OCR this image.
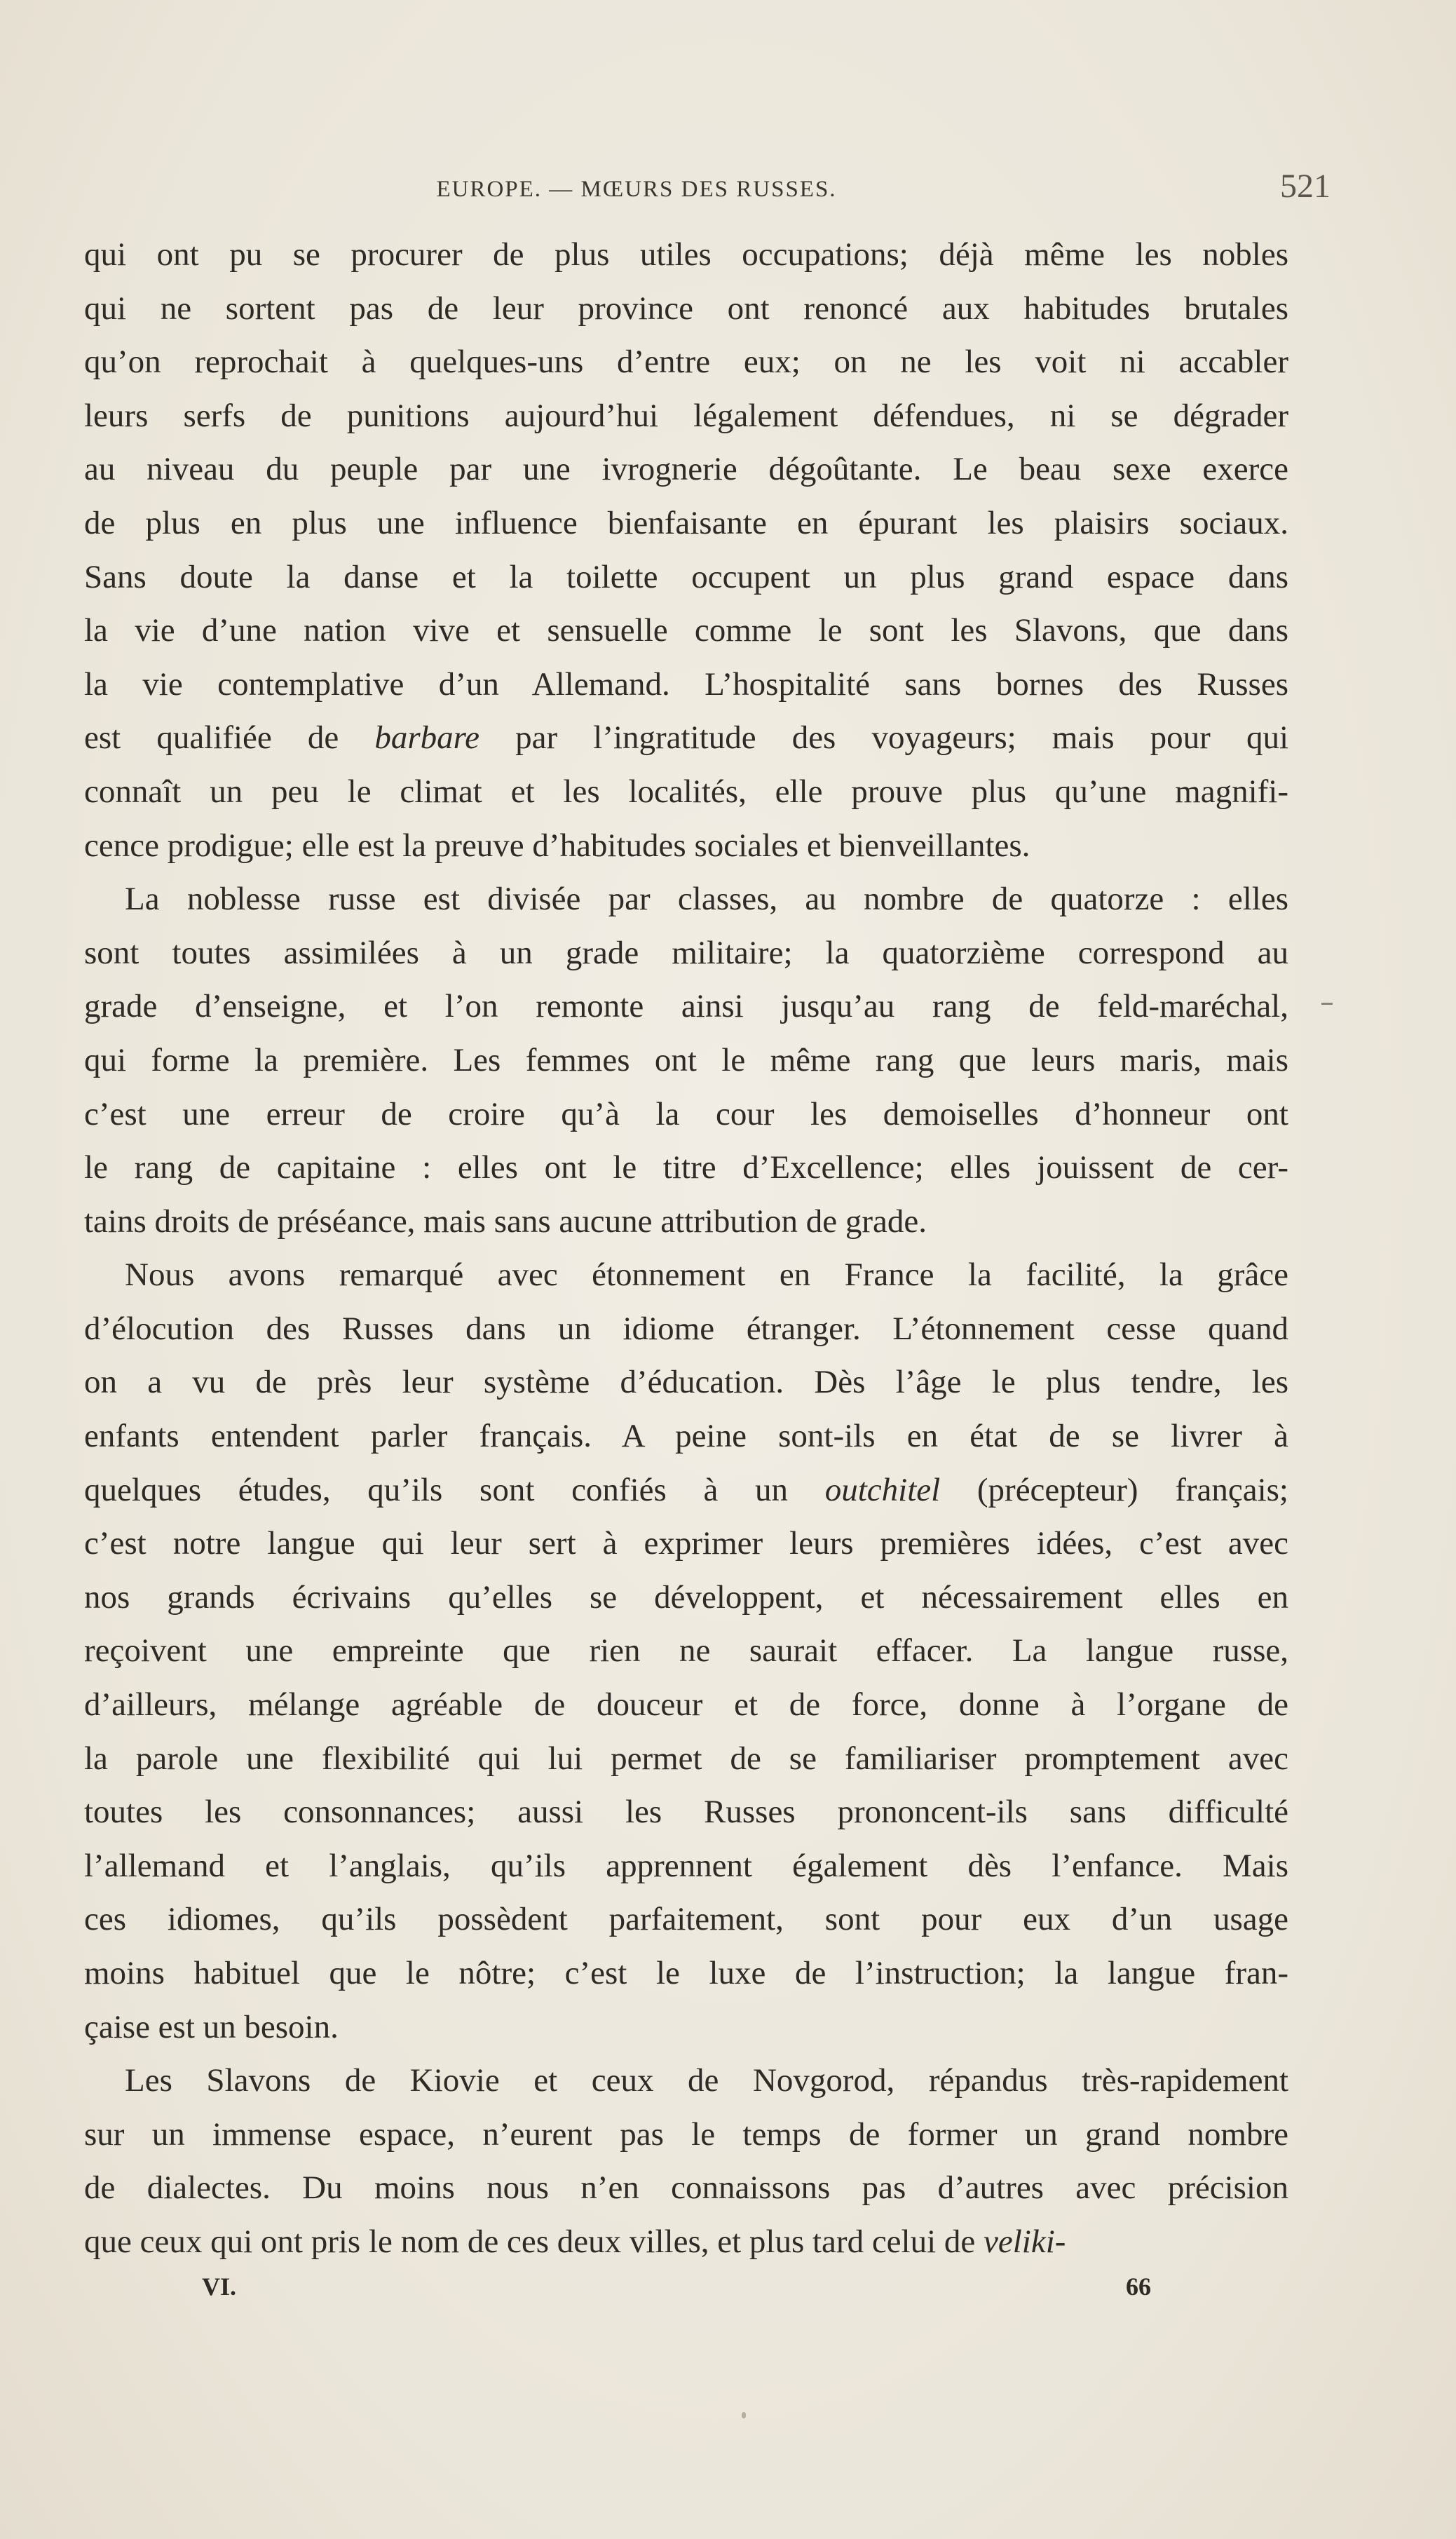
EUROPE. — MŒURS DES RUSSES.	521
qui ont pu se procurer de plus utiles occupations; déjà même les nobles
qui ne sortent pas de leur province ont renoncé aux habitudes brutales
qu’on reprochait à quelques-uns d’entre eux; on ne les voit ni accabler
leurs serfs de punitions aujourd’hui légalement défendues, ni se dégrader
au niveau du peuple par une ivrognerie dégoûtante. Le beau sexe exerce
de plus en plus une influence bienfaisante en épurant les plaisirs sociaux.
Sans doute la danse et la toilette occupent un plus grand espace dans
la vie d’une nation vive et sensuelle comme le sont les Slavons, que dans
la vie contemplative d’un Allemand. L’hospitalité sans bornes des Russes
est qualifiée de barbare par l’ingratitude des voyageurs; mais pour qui
connaît un peu le climat et les localités, elle prouve plus qu’une magnifi-
cence prodigue; elle est la preuve d’habitudes sociales et bienveillantes.
La noblesse russe est divisée par classes, au nombre de quatorze : elles
sont toutes assimilées à un grade militaire; la quatorzième correspond au
grade d’enseigne, et l’on remonte ainsi jusqu’au rang de feld-maréchal,
qui forme la première. Les femmes ont le même rang que leurs maris, mais
c’est une erreur de croire qu’à la cour les demoiselles d’honneur ont
le rang de capitaine : elles ont le titre d’Excellence; elles jouissent de cer-
tains droits de préséance, mais sans aucune attribution de grade.
Nous avons remarqué avec étonnement en France la facilité, la grâce
d’élocution des Russes dans un idiome étranger. L’étonnement cesse quand
on a vu de près leur système d’éducation. Dès l’âge le plus tendre, les
enfants entendent parler français. A peine sont-ils en état de se livrer à
quelques études, qu’ils sont confiés à un outchitel (précepteur) français;
c’est notre langue qui leur sert à exprimer leurs premières idées, c’est avec
nos grands écrivains qu’elles se développent, et nécessairement elles en
reçoivent une empreinte que rien ne saurait effacer. La langue russe,
d’ailleurs, mélange agréable de douceur et de force, donne à l’organe de
la parole une flexibilité qui lui permet de se familiariser promptement avec
toutes les consonnances; aussi les Russes prononcent-ils sans difficulté
l’allemand et l’anglais, qu’ils apprennent également dès l’enfance. Mais
ces idiomes, qu’ils possèdent parfaitement, sont pour eux d’un usage
moins habituel que le nôtre; c’est le luxe de l’instruction; la langue fran-
çaise est un besoin.
Les Slavons de Kiovie et ceux de Novgorod, répandus très-rapidement
sur un immense espace, n’eurent pas le temps de former un grand nombre
de dialectes. Du moins nous n’en connaissons pas d’autres avec précision
que ceux qui ont pris le nom de ces deux villes, et plus tard celui de veliki-
VI.	66
